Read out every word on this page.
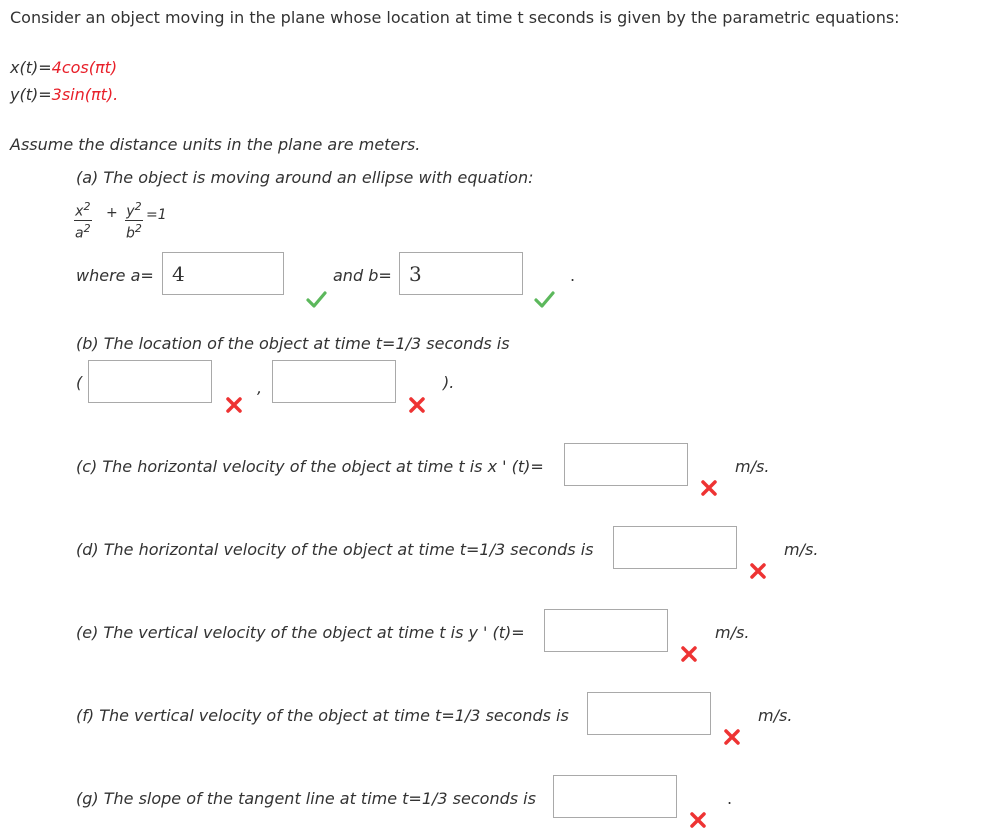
Consider an object moving in the plane whose location at time t seconds is given by the parametric equations:
x(t)=4cos(πt)
y(t)=3sin(πt).
Assume the distance units in the plane are meters.
(a) The object is moving around an ellipse with equation:
$\frac{x^2}{a^2} + \frac{y^2}{b^2} =1$
where a=
4	and b=
3	.
(b) The location of the object at time t=1/3 seconds is
(	,	).
(c) The horizontal velocity of the object at time t is x ' (t)=	m/s.
(d) The horizontal velocity of the object at time t=1/3 seconds is	m/s.
(e) The vertical velocity of the object at time t is y ' (t)=	m/s.
(f) The vertical velocity of the object at time t=1/3 seconds is	m/s.
(g) The slope of the tangent line at time t=1/3 seconds is	.
